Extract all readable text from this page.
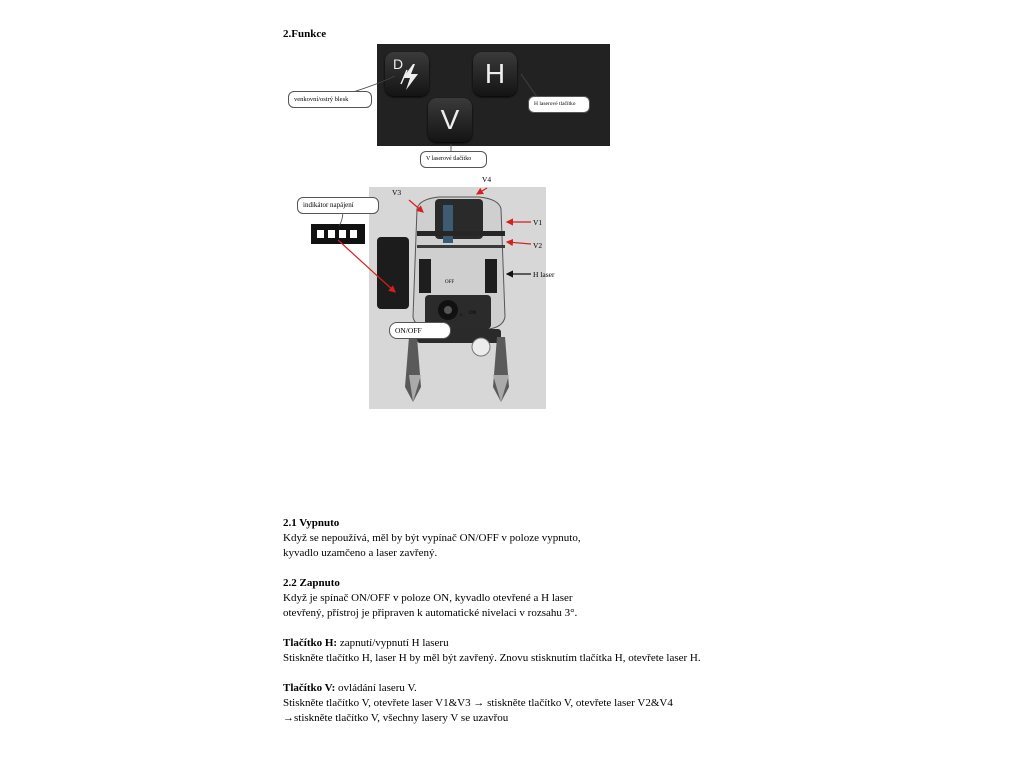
2.Funkce
D	H
V
venkovní/ostrý blesk
H laserové tlačítko
V laserové tlačítko
indikátor napájení
V3
V4
V1
V2
H laser
OFF
ON
ON/OFF
2.1 Vypnuto
Když se nepoužívá, měl by být vypínač ON/OFF v poloze vypnuto,
kyvadlo uzamčeno a laser zavřený.
2.2 Zapnuto
Když je spínač ON/OFF v poloze ON, kyvadlo otevřené a H laser
otevřený, přístroj je připraven k automatické nivelaci v rozsahu 3°.
Tlačítko H: zapnutí/vypnutí H laseru
Stiskněte tlačítko H, laser H by měl být zavřený. Znovu stisknutím tlačítka H, otevřete laser H.
Tlačítko V: ovládání laseru V.
Stiskněte tlačítko V, otevřete laser V1&V3 → stiskněte tlačítko V, otevřete laser V2&V4
→stiskněte tlačítko V, všechny lasery V se uzavřou
